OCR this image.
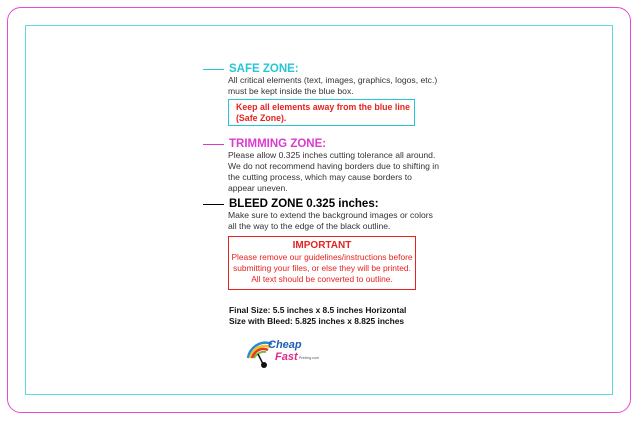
SAFE ZONE:
All critical elements (text, images, graphics, logos, etc.)
must be kept inside the blue box.
Keep all elements away from the blue line
(Safe Zone).
TRIMMING ZONE:
Please allow 0.325 inches cutting tolerance all around.
We do not recommend having borders due to shifting in
the cutting process, which may cause borders to
appear uneven.
BLEED ZONE 0.325 inches:
Make sure to extend the background images or colors
all the way to the edge of the black outline.
IMPORTANT
Please remove our guidelines/instructions before
submitting your files, or else they will be printed.
All text should be converted to outline.
Final Size: 5.5 inches x 8.5 inches Horizontal
Size with Bleed: 5.825 inches x 8.825 inches
Cheap
Fast Printing.com
